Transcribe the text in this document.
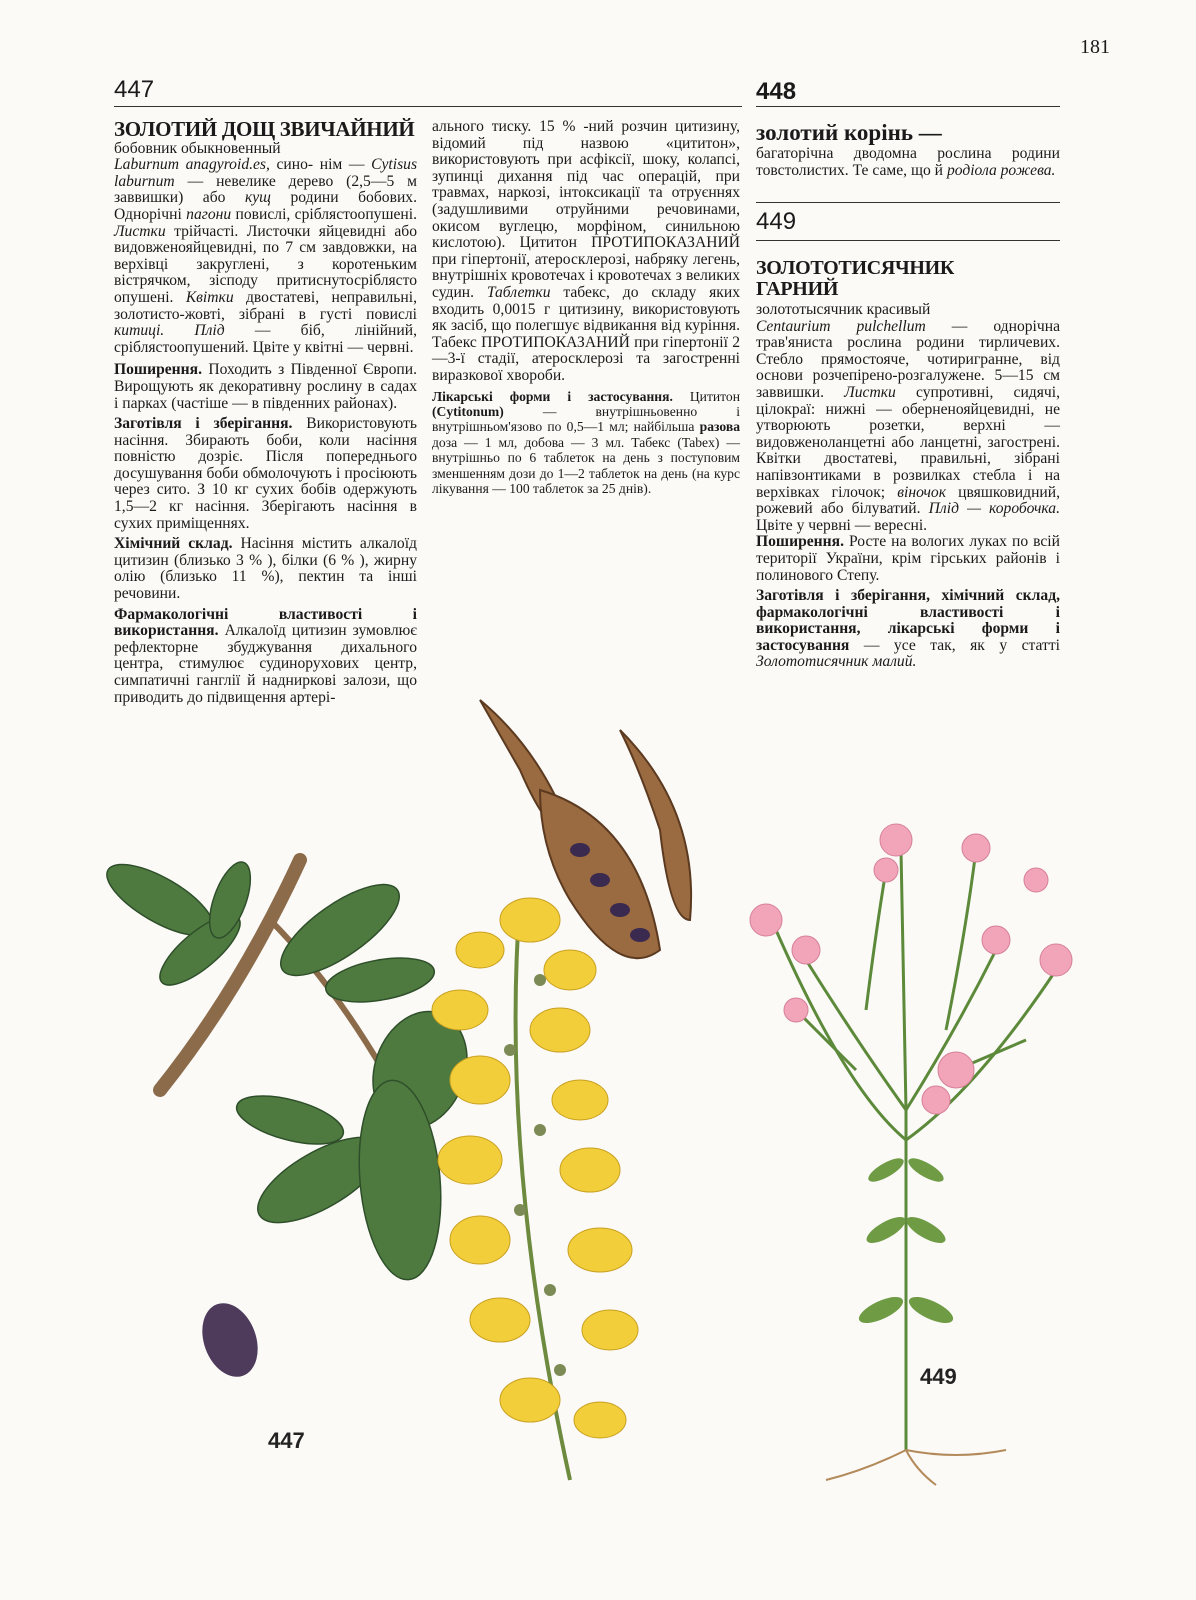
181
447	448

ЗОЛОТИЙ ДОЩ ЗВИЧАЙНИЙ
бобовник обыкновенный
Laburnum anagyroid.es, сино- нім — Cytisus laburnum — невелике дерево (2,5—5 м заввишки) або кущ родини бобових. Однорічні пагони повислі, сріблястоопушені. Листки трійчасті. Листочки яйцевидні або видовженояйцевидні, по 7 см завдовжки, на верхівці закруглені, з коротеньким вістрячком, зісподу притиснутосріблясто опушені. Квітки двостатеві, неправильні, золотисто-жовті, зібрані в густі повислі китиці. Плід — біб, лінійний, сріблястоопушений. Цвіте у квітні — червні.

Поширення. Походить з Південної Європи. Вирощують як декоративну рослину в садах і парках (частіше — в південних районах).

Заготівля і зберігання. Використовують насіння. Збирають боби, коли насіння повністю дозріє. Після попереднього досушування боби обмолочують і просіюють через сито. З 10 кг сухих бобів одержують 1,5—2 кг насіння. Зберігають насіння в сухих приміщеннях.

Хімічний склад. Насіння містить алкалоїд цитизин (близько 3 % ), білки (6 % ), жирну олію (близько 11 %), пектин та інші речовини.

Фармакологічні властивості і використання. Алкалоїд цитизин зумовлює рефлекторне збуджування дихального центра, стимулює судинорухових центр, симпатичні ганглії й надниркові залози, що приводить до підвищення артері-

ального тиску. 15 % -ний розчин цитизину, відомий під назвою «цититон», використовують при асфіксії, шоку, колапсі, зупинці дихання під час операцій, при травмах, наркозі, інтоксикації та отруєннях (задушливими отруйними речовинами, окисом вуглецю, морфіном, синильною кислотою). Цититон ПРОТИПОКАЗАНИЙ при гіпертонії, атеросклерозі, набряку легень, внутрішніх кровотечах і кровотечах з великих судин. Таблетки табекс, до складу яких входить 0,0015 г цитизину, використовують як засіб, що полегшує відвикання від куріння. Табекс ПРОТИПОКАЗАНИЙ при гіпертонії 2—3-ї стадії, атеросклерозі та загостренні виразкової хвороби.

Лікарські форми і застосування. Цититон (Cytitonum)	— внутрішньовенно і внутрішньом'язово по 0,5—1 мл; найбільша разова доза — 1 мл, добова — 3 мл. Табекс (Tabex) — внутрішньо по 6 таблеток на день з поступовим зменшенням дози до 1—2 таблеток на день (на курс лікування — 100 таблеток за 25 днів).

золотий корінь —

багаторічна дводомна рослина родини товстолистих. Те саме, що й родіола рожева.

449
ЗОЛОТОТИСЯЧНИК
ГАРНИЙ

золототысячник красивый
Centaurium pulchellum — однорічна трав'яниста рослина родини тирличевих. Стебло прямостояче, чотиригранне, від основи розчепірено-розгалужене. 5—15 см заввишки. Листки супротивні, сидячі, цілокраї: нижні — оберненояйцевидні, не утворюють розетки, верхні — видовженоланцетні або ланцетні, загострені. Квітки двостатеві, правильні, зібрані напівзонтиками в розвилках стебла і на верхівках гілочок; віночок цвяшковидний, рожевий або білуватий. Плід — коробочка. Цвіте у червні — вересні.

Поширення. Росте на вологих луках по всій території України, крім гірських районів і полинового Степу.

Заготівля і зберігання, хімічний склад, фармакологічні властивості і використання, лікарські форми і застосування — усе так, як у статті Золототисячник малий.

447
449
